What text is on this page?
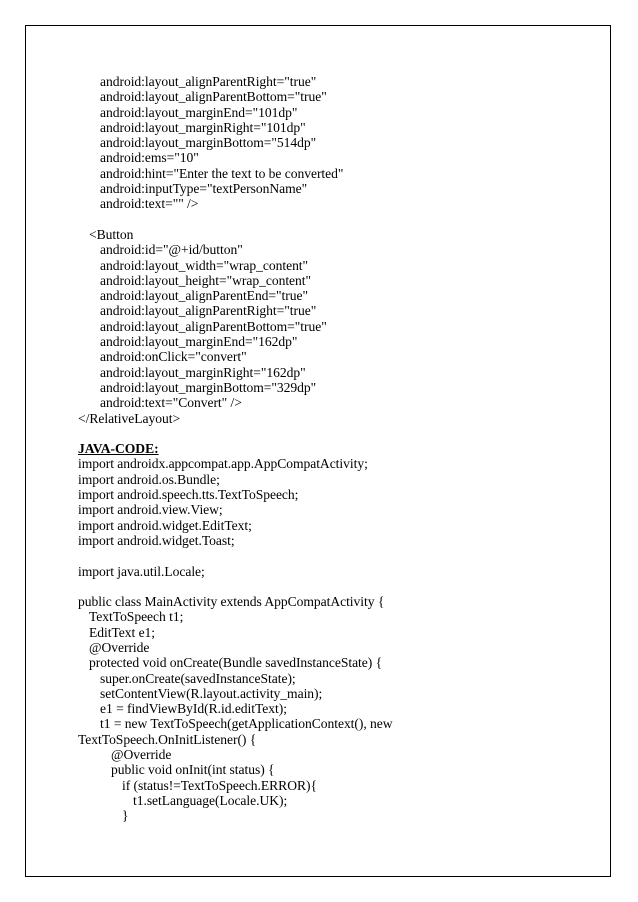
android:layout_alignParentRight="true"
android:layout_alignParentBottom="true"
android:layout_marginEnd="101dp"
android:layout_marginRight="101dp"
android:layout_marginBottom="514dp"
android:ems="10"
android:hint="Enter the text to be converted"
android:inputType="textPersonName"
android:text="" />
<Button
android:id="@+id/button"
android:layout_width="wrap_content"
android:layout_height="wrap_content"
android:layout_alignParentEnd="true"
android:layout_alignParentRight="true"
android:layout_alignParentBottom="true"
android:layout_marginEnd="162dp"
android:onClick="convert"
android:layout_marginRight="162dp"
android:layout_marginBottom="329dp"
android:text="Convert" />
</RelativeLayout>
JAVA-CODE:
import androidx.appcompat.app.AppCompatActivity;
import android.os.Bundle;
import android.speech.tts.TextToSpeech;
import android.view.View;
import android.widget.EditText;
import android.widget.Toast;
import java.util.Locale;
public class MainActivity extends AppCompatActivity {
TextToSpeech t1;
EditText e1;
@Override
protected void onCreate(Bundle savedInstanceState) {
super.onCreate(savedInstanceState);
setContentView(R.layout.activity_main);
e1 = findViewById(R.id.editText);
t1 = new TextToSpeech(getApplicationContext(), new
TextToSpeech.OnInitListener() {
@Override
public void onInit(int status) {
if (status!=TextToSpeech.ERROR){
t1.setLanguage(Locale.UK);
}
